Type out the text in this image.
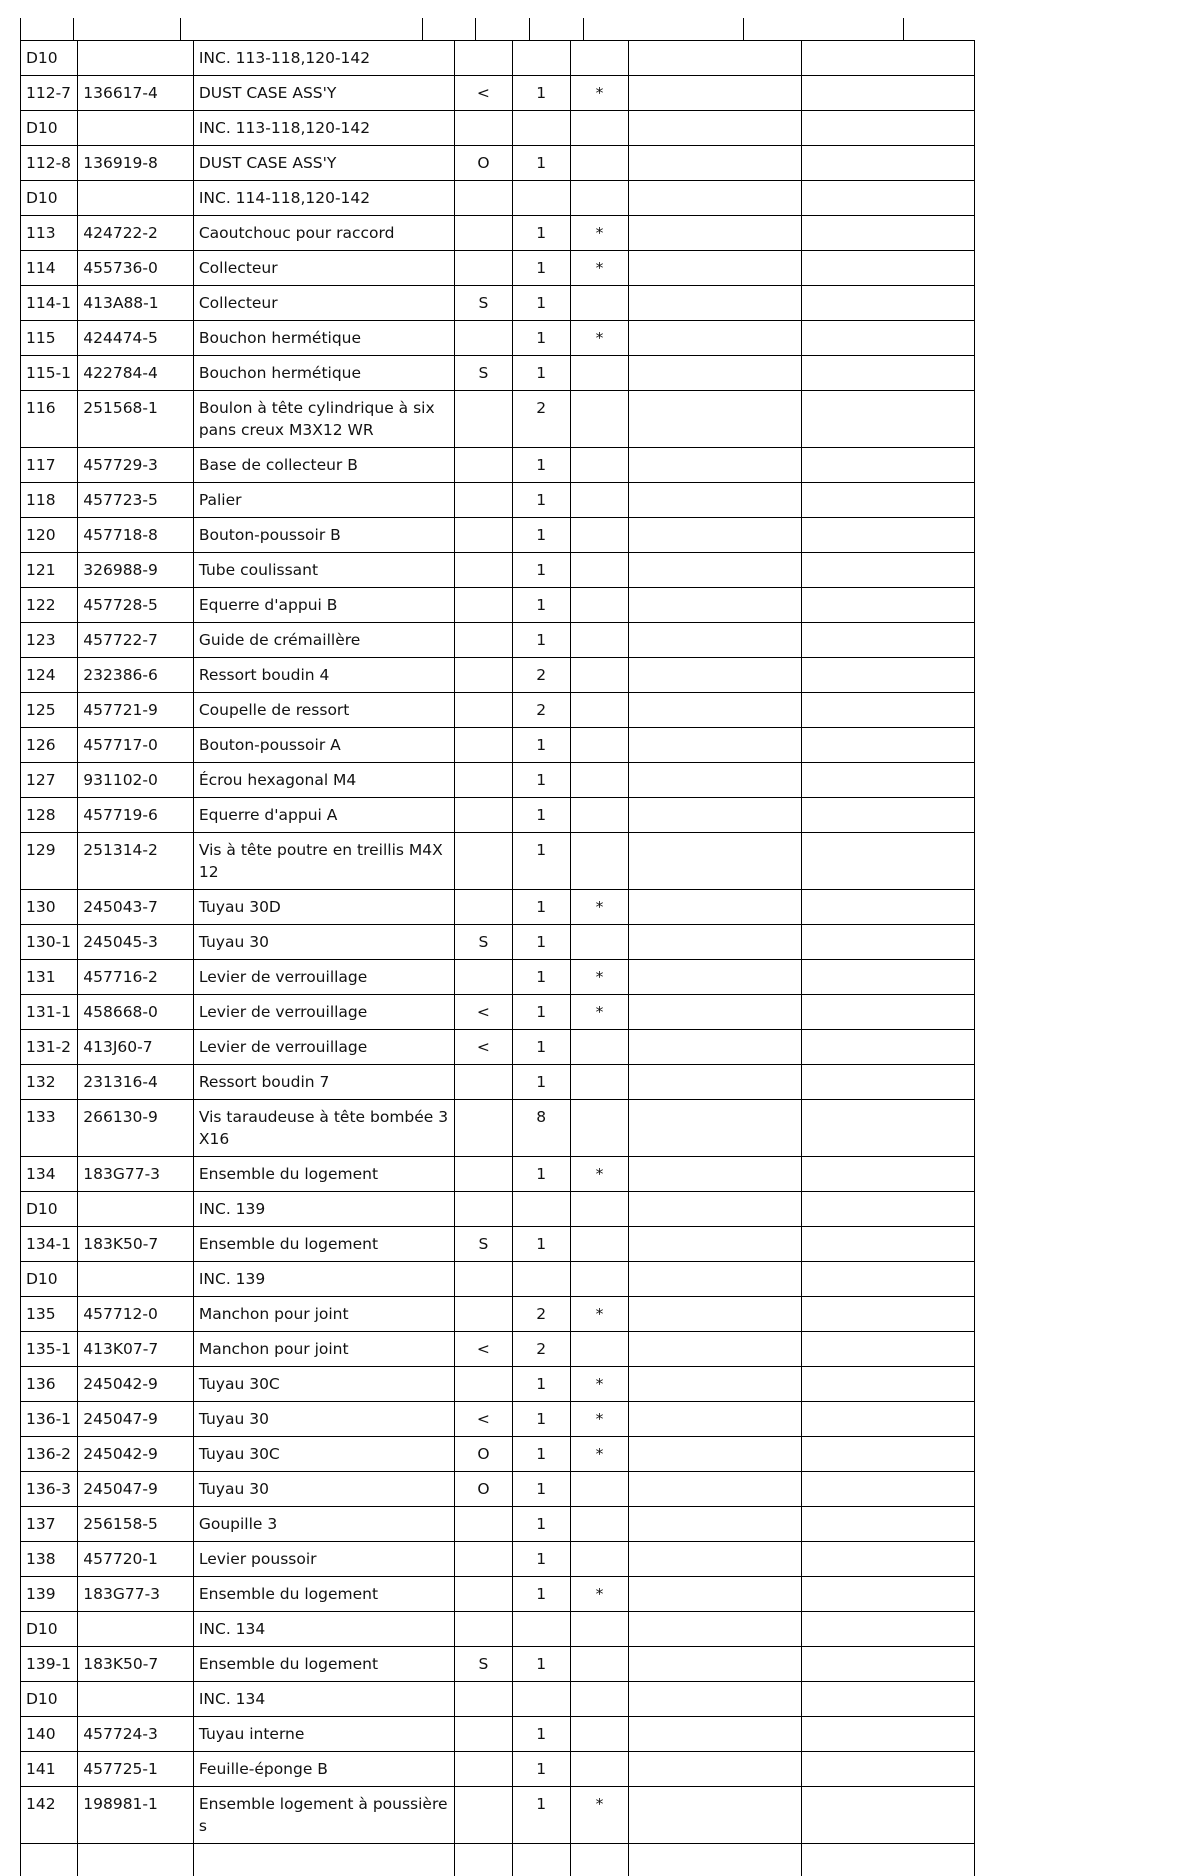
D10		INC. 113-118,120-142					
112-7	136617-4	DUST CASE ASS'Y	<	1	*		
D10		INC. 113-118,120-142					
112-8	136919-8	DUST CASE ASS'Y	O	1			
D10		INC. 114-118,120-142					
113	424722-2	Caoutchouc pour raccord		1	*		
114	455736-0	Collecteur		1	*		
114-1	413A88-1	Collecteur	S	1			
115	424474-5	Bouchon hermétique		1	*		
115-1	422784-4	Bouchon hermétique	S	1			
116	251568-1	Boulon à tête cylindrique à six pans creux M3X12 WR		2			
117	457729-3	Base de collecteur B		1			
118	457723-5	Palier		1			
120	457718-8	Bouton-poussoir B		1			
121	326988-9	Tube coulissant		1			
122	457728-5	Equerre d'appui B		1			
123	457722-7	Guide de crémaillère		1			
124	232386-6	Ressort boudin 4		2			
125	457721-9	Coupelle de ressort		2			
126	457717-0	Bouton-poussoir A		1			
127	931102-0	Écrou hexagonal M4		1			
128	457719-6	Equerre d'appui A		1			
129	251314-2	Vis à tête poutre en treillis M4X12		1			
130	245043-7	Tuyau 30D		1	*		
130-1	245045-3	Tuyau 30	S	1			
131	457716-2	Levier de verrouillage		1	*		
131-1	458668-0	Levier de verrouillage	<	1	*		
131-2	413J60-7	Levier de verrouillage	<	1			
132	231316-4	Ressort boudin 7		1			
133	266130-9	Vis taraudeuse à tête bombée 3X16		8			
134	183G77-3	Ensemble du logement		1	*		
D10		INC. 139					
134-1	183K50-7	Ensemble du logement	S	1			
D10		INC. 139					
135	457712-0	Manchon pour joint		2	*		
135-1	413K07-7	Manchon pour joint	<	2			
136	245042-9	Tuyau 30C		1	*		
136-1	245047-9	Tuyau 30	<	1	*		
136-2	245042-9	Tuyau 30C	O	1	*		
136-3	245047-9	Tuyau 30	O	1			
137	256158-5	Goupille 3		1			
138	457720-1	Levier poussoir		1			
139	183G77-3	Ensemble du logement		1	*		
D10		INC. 134					
139-1	183K50-7	Ensemble du logement	S	1			
D10		INC. 134					
140	457724-3	Tuyau interne		1			
141	457725-1	Feuille-éponge B		1			
142	198981-1	Ensemble logement à poussières		1	*		
